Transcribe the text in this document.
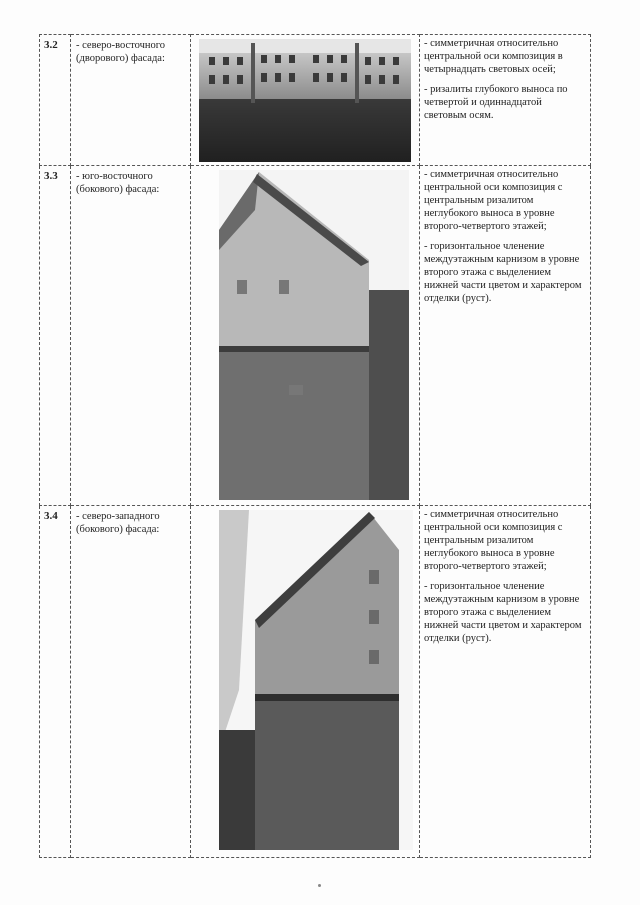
3.2	- северо-восточного (дворового) фасада:		- симметричная относительно центральной оси композиция в четырнадцать световых осей;

- ризалиты глубокого выноса по четвертой и одиннадцатой световым осям.

3.3	- юго-восточного (бокового) фасада:		- симметричная относительно центральной оси композиция с центральным ризалитом неглубокого выноса в уровне второго-четвертого этажей;

- горизонтальное членение междуэтажным карнизом в уровне второго этажа с выделением нижней части цветом и характером отделки (руст).

3.4	- северо-западного (бокового) фасада:		- симметричная относительно центральной оси композиция с центральным ризалитом неглубокого выноса в уровне второго-четвертого этажей;

- горизонтальное членение междуэтажным карнизом в уровне второго этажа с выделением нижней части цветом и характером отделки (руст).
